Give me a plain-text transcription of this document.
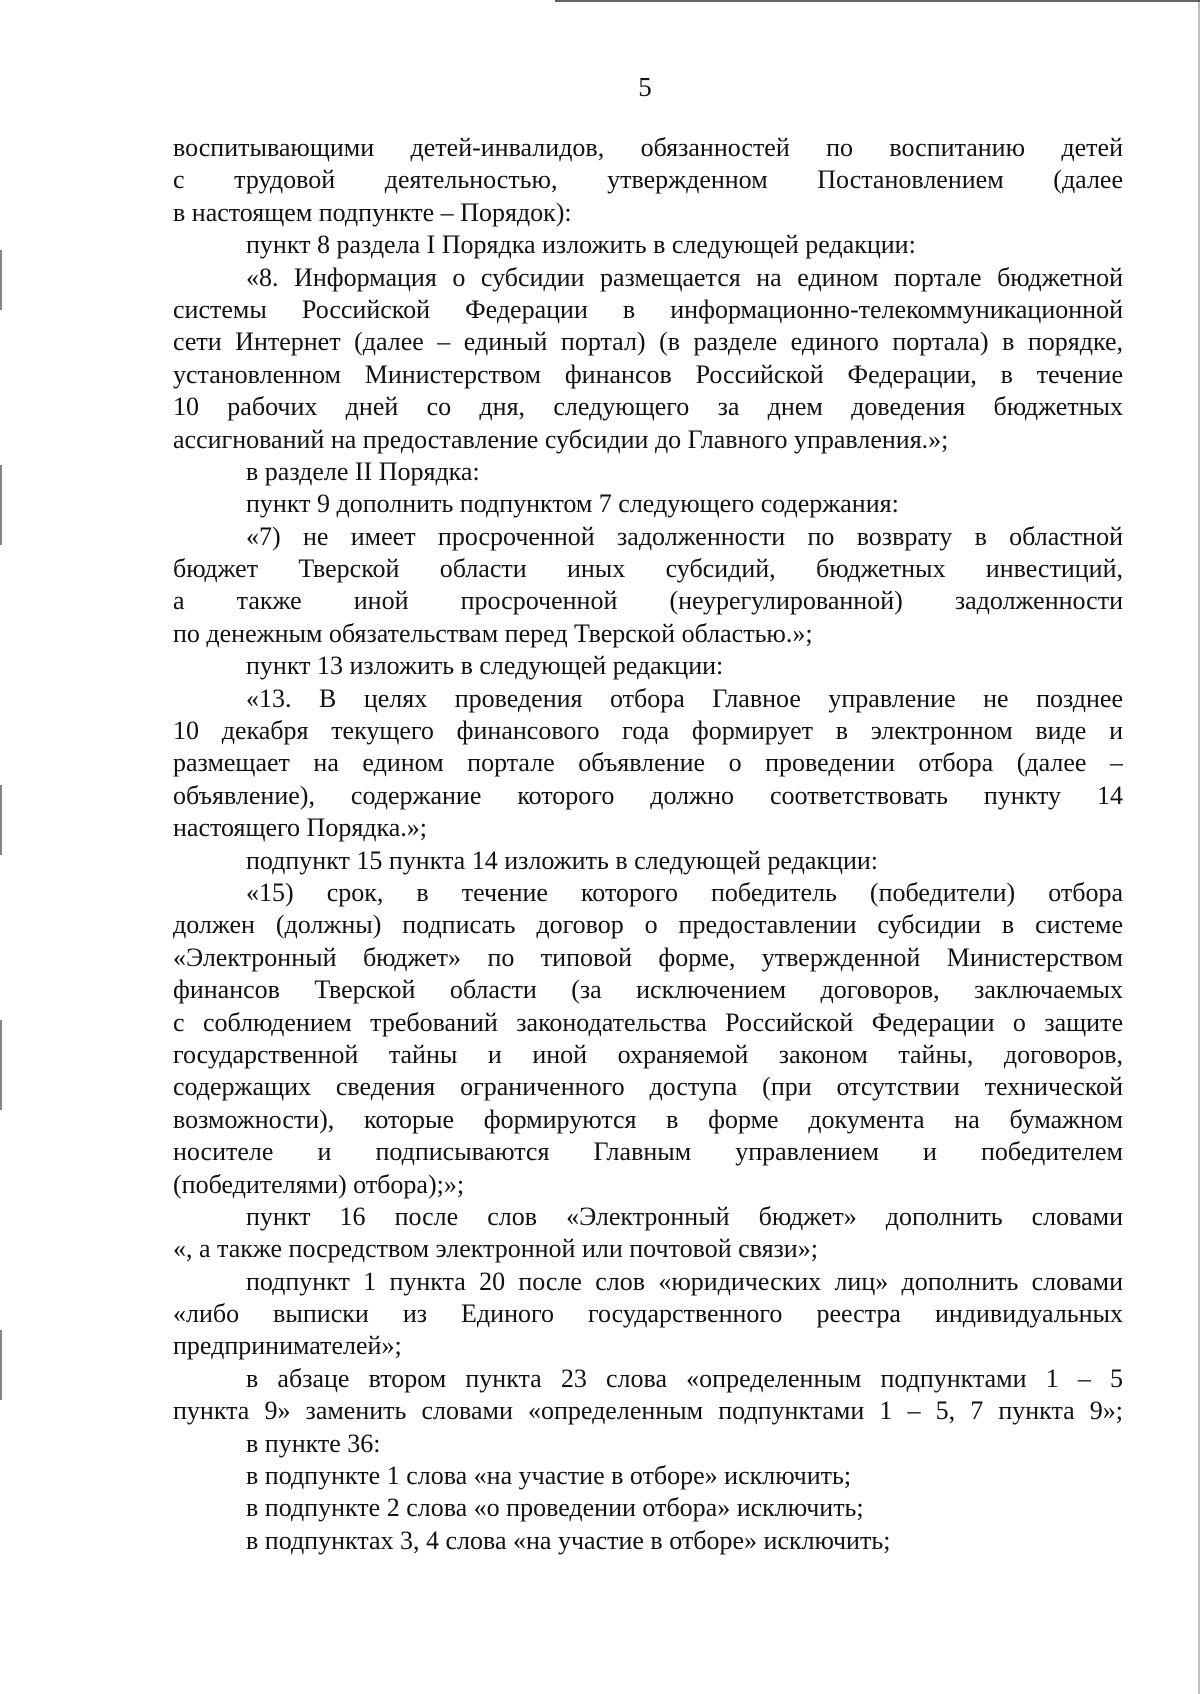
5
воспитывающими детей-инвалидов, обязанностей по воспитанию детей
с трудовой деятельностью, утвержденном Постановлением (далее
в настоящем подпункте – Порядок):
пункт 8 раздела I Порядка изложить в следующей редакции:
«8. Информация о субсидии размещается на едином портале бюджетной
системы Российской Федерации в информационно-телекоммуникационной
сети Интернет (далее – единый портал) (в разделе единого портала) в порядке,
установленном Министерством финансов Российской Федерации, в течение
10 рабочих дней со дня, следующего за днем доведения бюджетных
ассигнований на предоставление субсидии до Главного управления.»;
в разделе II Порядка:
пункт 9 дополнить подпунктом 7 следующего содержания:
«7) не имеет просроченной задолженности по возврату в областной
бюджет Тверской области иных субсидий, бюджетных инвестиций,
а также иной просроченной (неурегулированной) задолженности
по денежным обязательствам перед Тверской областью.»;
пункт 13 изложить в следующей редакции:
«13. В целях проведения отбора Главное управление не позднее
10 декабря текущего финансового года формирует в электронном виде и
размещает на едином портале объявление о проведении отбора (далее –
объявление), содержание которого должно соответствовать пункту 14
настоящего Порядка.»;
подпункт 15 пункта 14 изложить в следующей редакции:
«15) срок, в течение которого победитель (победители) отбора
должен (должны) подписать договор о предоставлении субсидии в системе
«Электронный бюджет» по типовой форме, утвержденной Министерством
финансов Тверской области (за исключением договоров, заключаемых
с соблюдением требований законодательства Российской Федерации о защите
государственной тайны и иной охраняемой законом тайны, договоров,
содержащих сведения ограниченного доступа (при отсутствии технической
возможности), которые формируются в форме документа на бумажном
носителе и подписываются Главным управлением и победителем
(победителями) отбора);»;
пункт 16 после слов «Электронный бюджет» дополнить словами
«, а также посредством электронной или почтовой связи»;
подпункт 1 пункта 20 после слов «юридических лиц» дополнить словами
«либо выписки из Единого государственного реестра индивидуальных
предпринимателей»;
в абзаце втором пункта 23 слова «определенным подпунктами 1 – 5
пункта 9» заменить словами «определенным подпунктами 1 – 5, 7 пункта 9»;
в пункте 36:
в подпункте 1 слова «на участие в отборе» исключить;
в подпункте 2 слова «о проведении отбора» исключить;
в подпунктах 3, 4 слова «на участие в отборе» исключить;
